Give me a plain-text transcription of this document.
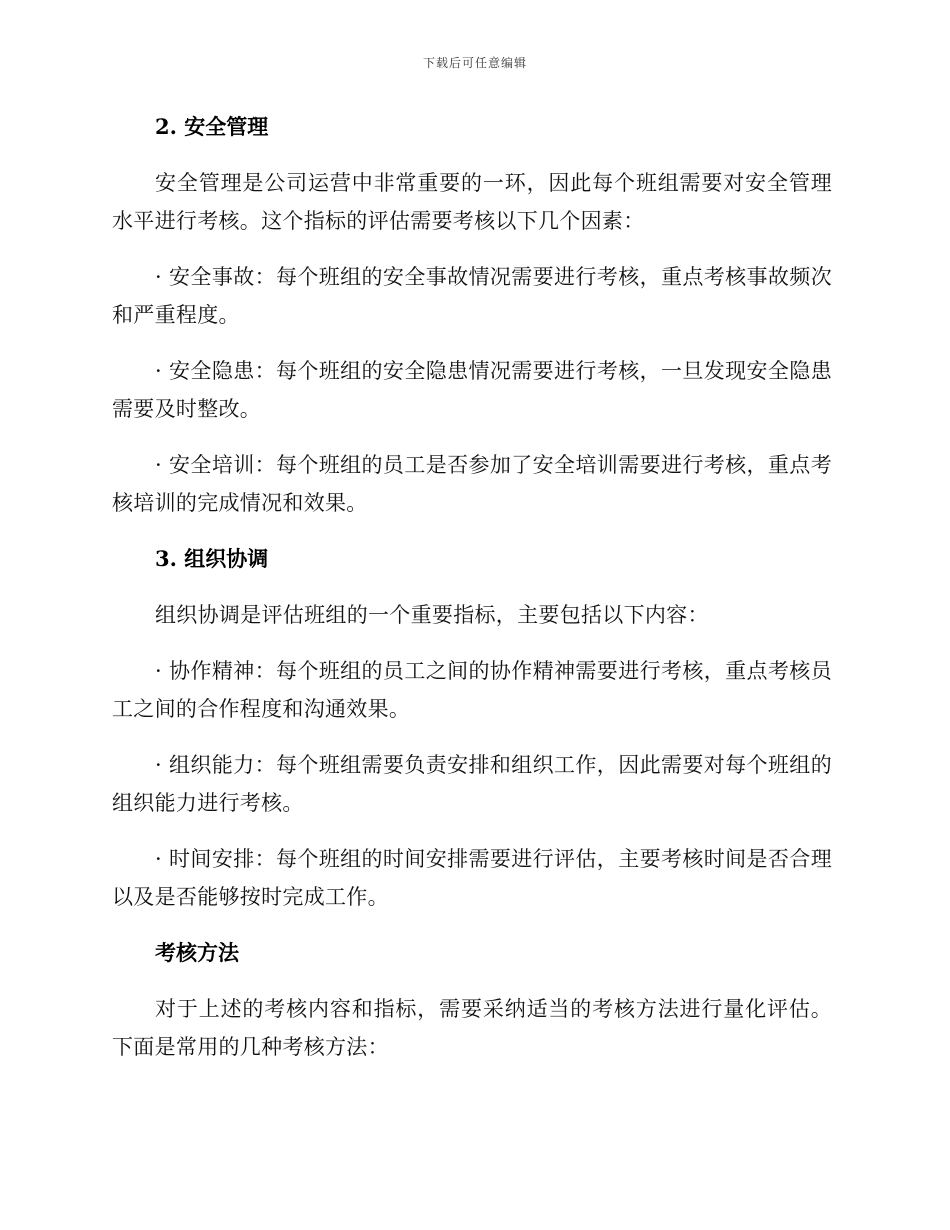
下载后可任意编辑
2. 安全管理

安全管理是公司运营中非常重要的一环，因此每个班组需要对安全管理水平进行考核。这个指标的评估需要考核以下几个因素：

· 安全事故：每个班组的安全事故情况需要进行考核，重点考核事故频次和严重程度。

· 安全隐患：每个班组的安全隐患情况需要进行考核，一旦发现安全隐患需要及时整改。

· 安全培训：每个班组的员工是否参加了安全培训需要进行考核，重点考核培训的完成情况和效果。

3. 组织协调

组织协调是评估班组的一个重要指标，主要包括以下内容：

· 协作精神：每个班组的员工之间的协作精神需要进行考核，重点考核员工之间的合作程度和沟通效果。

· 组织能力：每个班组需要负责安排和组织工作，因此需要对每个班组的组织能力进行考核。

· 时间安排：每个班组的时间安排需要进行评估，主要考核时间是否合理以及是否能够按时完成工作。

考核方法

对于上述的考核内容和指标，需要采纳适当的考核方法进行量化评估。下面是常用的几种考核方法：
